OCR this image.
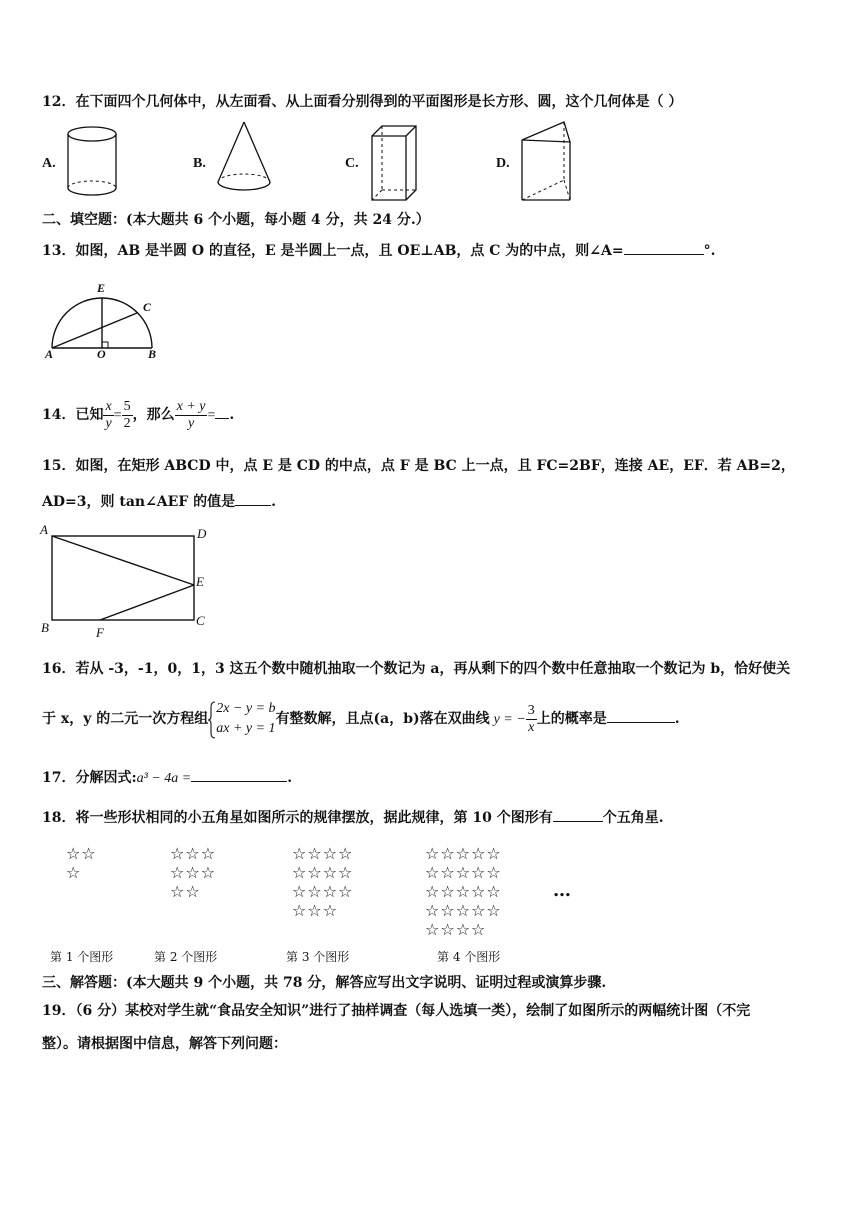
12．在下面四个几何体中，从左面看、从上面看分别得到的平面图形是长方形、圆，这个几何体是（ ）
A.	B.	C.	D.
二、填空题：(本大题共 6 个小题，每小题 4 分，共 24 分.）
13．如图，AB 是半圆 O 的直径，E 是半圆上一点，且 OE⊥AB，点 C 为的中点，则∠A=	°.
E
C
A	O	B
14．已知 $\frac{x}{y} = \frac{5}{2}$ ，那么 $\frac{x + y}{y}$ = .
15．如图，在矩形 ABCD 中，点 E 是 CD 的中点，点 F 是 BC 上一点，且 FC=2BF，连接 AE，EF．若 AB=2，
AD=3，则 tan∠AEF 的值是	.
A	D
E
B	F
C
16．若从 -3，-1，0，1，3 这五个数中随机抽取一个数记为 a，再从剩下的四个数中任意抽取一个数记为 b，恰好使关
于 x，y 的二元一次方程组
2x − y = b
ax + y = 1
有整数解，且点(a，b)落在双曲线 y = − $\frac{3}{x}$ 上的概率是	.
17．分解因式:a³ − 4a =	.
18．将一些形状相同的小五角星如图所示的规律摆放，据此规律，第 10 个图形有	个五角星.
☆☆
☆
☆☆☆
☆☆☆
☆☆
☆☆☆☆
☆☆☆☆
☆☆☆☆
☆☆☆
☆☆☆☆☆
☆☆☆☆☆
☆☆☆☆☆
☆☆☆☆☆
☆☆☆☆
…
第 1 个图形	第 2 个图形	第 3 个图形	第 4 个图形
三、解答题：(本大题共 9 个小题，共 78 分，解答应写出文字说明、证明过程或演算步骤.
19．（6 分）某校对学生就“食品安全知识”进行了抽样调查（每人选填一类），绘制了如图所示的两幅统计图（不完
整）。请根据图中信息，解答下列问题：
